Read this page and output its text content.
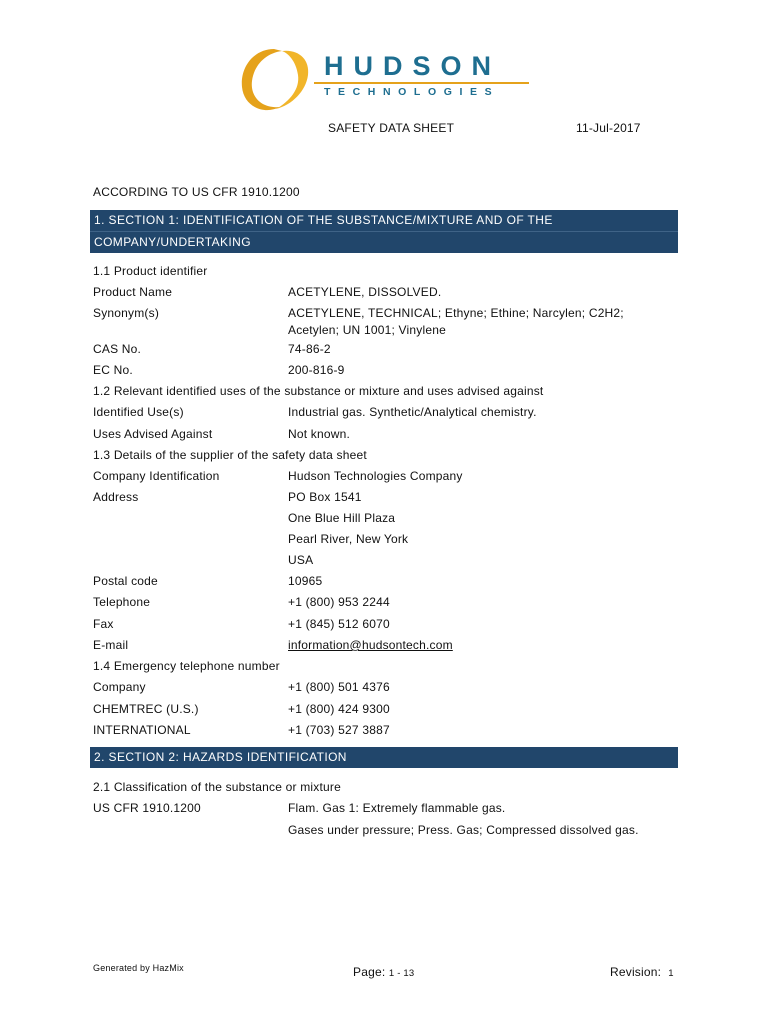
HUDSON
TECHNOLOGIES
SAFETY DATA SHEET	11-Jul-2017
ACCORDING TO US CFR 1910.1200
1. SECTION 1: IDENTIFICATION OF THE SUBSTANCE/MIXTURE AND OF THE
COMPANY/UNDERTAKING
1.1 Product identifier
Product Name	ACETYLENE, DISSOLVED.
Synonym(s)	ACETYLENE, TECHNICAL; Ethyne; Ethine; Narcylen; C2H2;
Acetylen; UN 1001; Vinylene
CAS No.	74-86-2
EC No.	200-816-9
1.2 Relevant identified uses of the substance or mixture and uses advised against
Identified Use(s)	Industrial gas. Synthetic/Analytical chemistry.
Uses Advised Against	Not known.
1.3 Details of the supplier of the safety data sheet
Company Identification	Hudson Technologies Company
Address	PO Box 1541
One Blue Hill Plaza
Pearl River, New York
USA
Postal code	10965
Telephone	+1 (800) 953 2244
Fax	+1 (845) 512 6070
E-mail	information@hudsontech.com
1.4 Emergency telephone number
Company	+1 (800) 501 4376
CHEMTREC (U.S.)	+1 (800) 424 9300
INTERNATIONAL	+1 (703) 527 3887
2. SECTION 2: HAZARDS IDENTIFICATION
2.1 Classification of the substance or mixture
US CFR 1910.1200	Flam. Gas 1: Extremely flammable gas.
Gases under pressure; Press. Gas; Compressed dissolved gas.
Generated by HazMix	Page: 1 - 13	Revision: 1
